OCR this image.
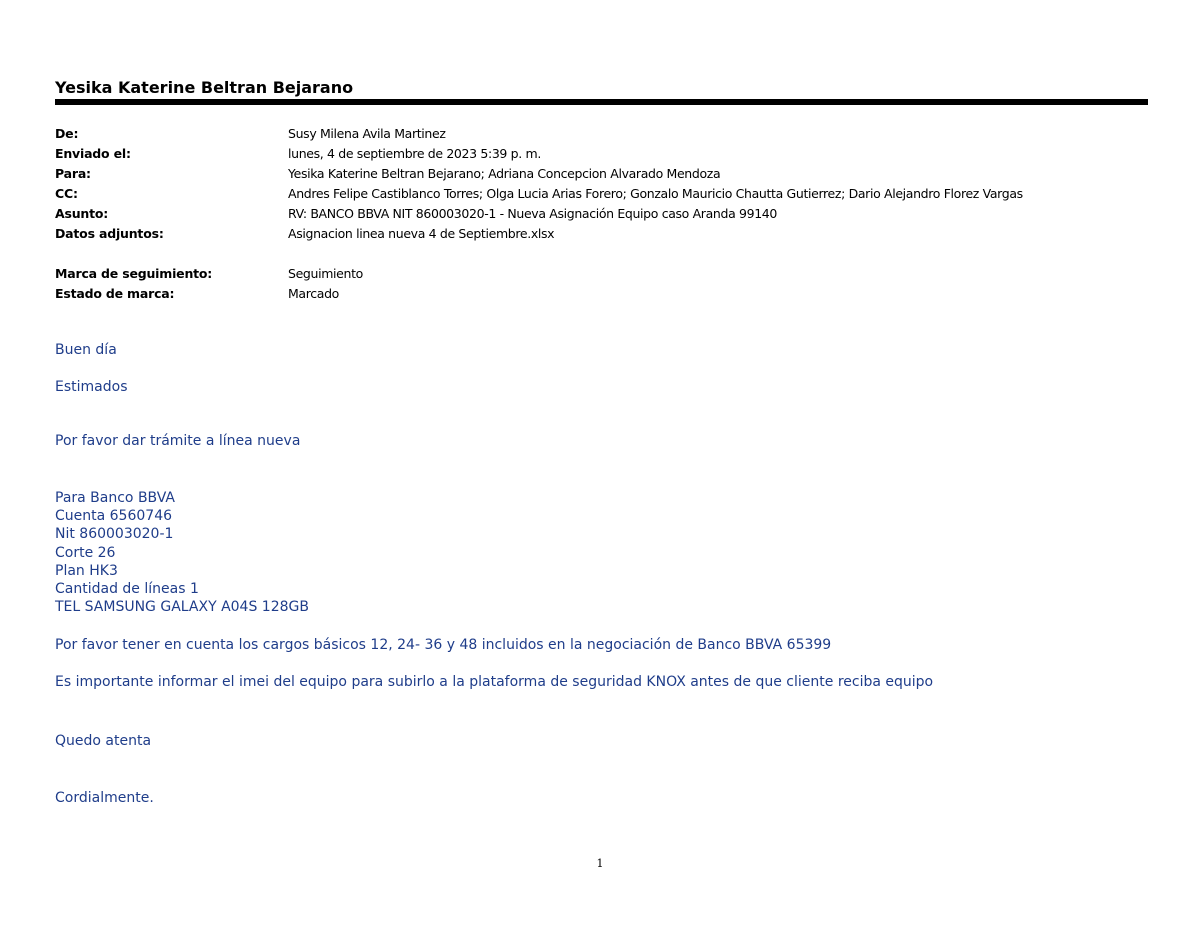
Yesika Katerine Beltran Bejarano
De:	Susy Milena Avila Martinez
Enviado el:	lunes, 4 de septiembre de 2023 5:39 p. m.
Para:	Yesika Katerine Beltran Bejarano; Adriana Concepcion Alvarado Mendoza
CC:	Andres Felipe Castiblanco Torres; Olga Lucia Arias Forero; Gonzalo Mauricio Chautta Gutierrez; Dario Alejandro Florez Vargas
Asunto:	RV: BANCO BBVA NIT 860003020-1 - Nueva Asignación Equipo caso Aranda 99140
Datos adjuntos:	Asignacion linea nueva 4 de Septiembre.xlsx
Marca de seguimiento:	Seguimiento
Estado de marca:	Marcado
Buen día
Estimados
Por favor dar trámite a línea nueva
Para Banco BBVA
Cuenta 6560746
Nit 860003020-1
Corte 26
Plan HK3
Cantidad de líneas 1
TEL SAMSUNG GALAXY A04S 128GB
Por favor tener en cuenta los cargos básicos 12, 24- 36 y 48 incluidos en la negociación de Banco BBVA 65399
Es importante informar el imei del equipo para subirlo a la plataforma de seguridad KNOX antes de que cliente reciba equipo
Quedo atenta
Cordialmente.
1
